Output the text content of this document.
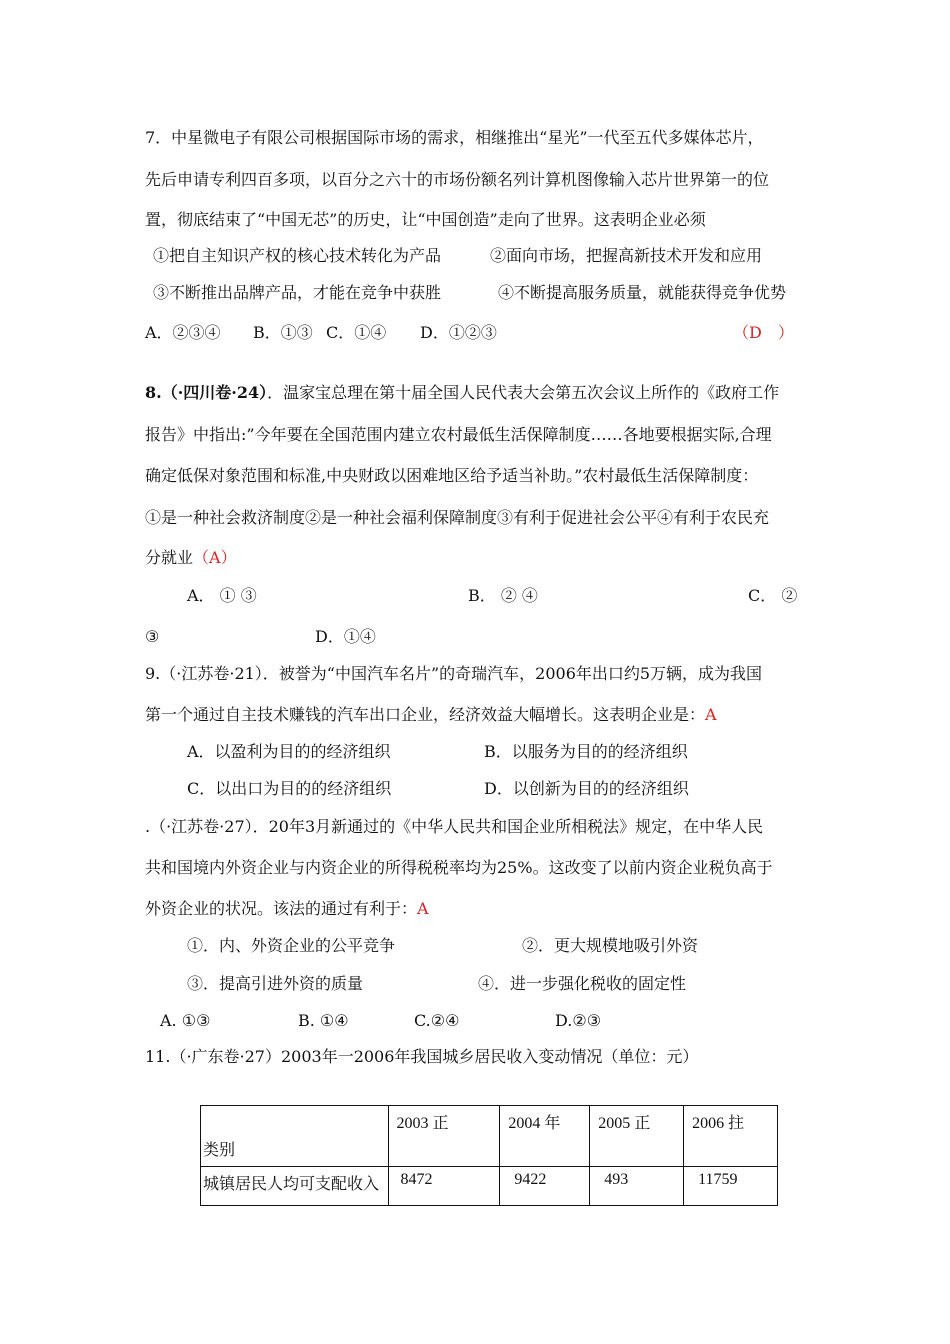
7．中星微电子有限公司根据国际市场的需求，相继推出“星光”一代至五代多媒体芯片，
先后申请专利四百多项，以百分之六十的市场份额名列计算机图像输入芯片世界第一的位
置，彻底结束了“中国无芯”的历史，让“中国创造”走向了世界。这表明企业必须
①把自主知识产权的核心技术转化为产品	②面向市场，把握高新技术开发和应用
③不断推出品牌产品，才能在竞争中获胜	④不断提高服务质量，就能获得竞争优势
A．②③④ B．①③ C．①④ D．①②③	（D　）
8.（·四川卷·24）．温家宝总理在第十届全国人民代表大会第五次会议上所作的《政府工作
报告》中指出:”今年要在全国范围内建立农村最低生活保障制度……各地要根据实际,合理
确定低保对象范围和标准,中央财政以困难地区给予适当补助。”农村最低生活保障制度：
①是一种社会救济制度②是一种社会福利保障制度③有利于促进社会公平④有利于农民充
分就业（A）
A． ① ③	B． ② ④	C． ②
③	D．①④
9.（·江苏卷·21）．被誉为“中国汽车名片”的奇瑞汽车，2006年出口约5万辆，成为我国
第一个通过自主技术赚钱的汽车出口企业，经济效益大幅增长。这表明企业是：A
A．以盈利为目的的经济组织	B．以服务为目的的经济组织
C．以出口为目的的经济组织	D．以创新为目的的经济组织
.（·江苏卷·27）．20年3月新通过的《中华人民共和国企业所相税法》规定，在中华人民
共和国境内外资企业与内资企业的所得税税率均为25%。这改变了以前内资企业税负高于
外资企业的状况。该法的通过有利于：A
①．内、外资企业的公平竞争	②．更大规模地吸引外资
③．提高引进外资的质量	④．进一步强化税收的固定性
A. ①③	B. ①④	C.②④	D.②③
11.（·广东卷·27）2003年一2006年我国城乡居民收入变动情况（单位：元）
类别	2003 正	2004 年	2005 正	2006 拄
城镇居民人均可支配收入	8472	9422	493	11759
